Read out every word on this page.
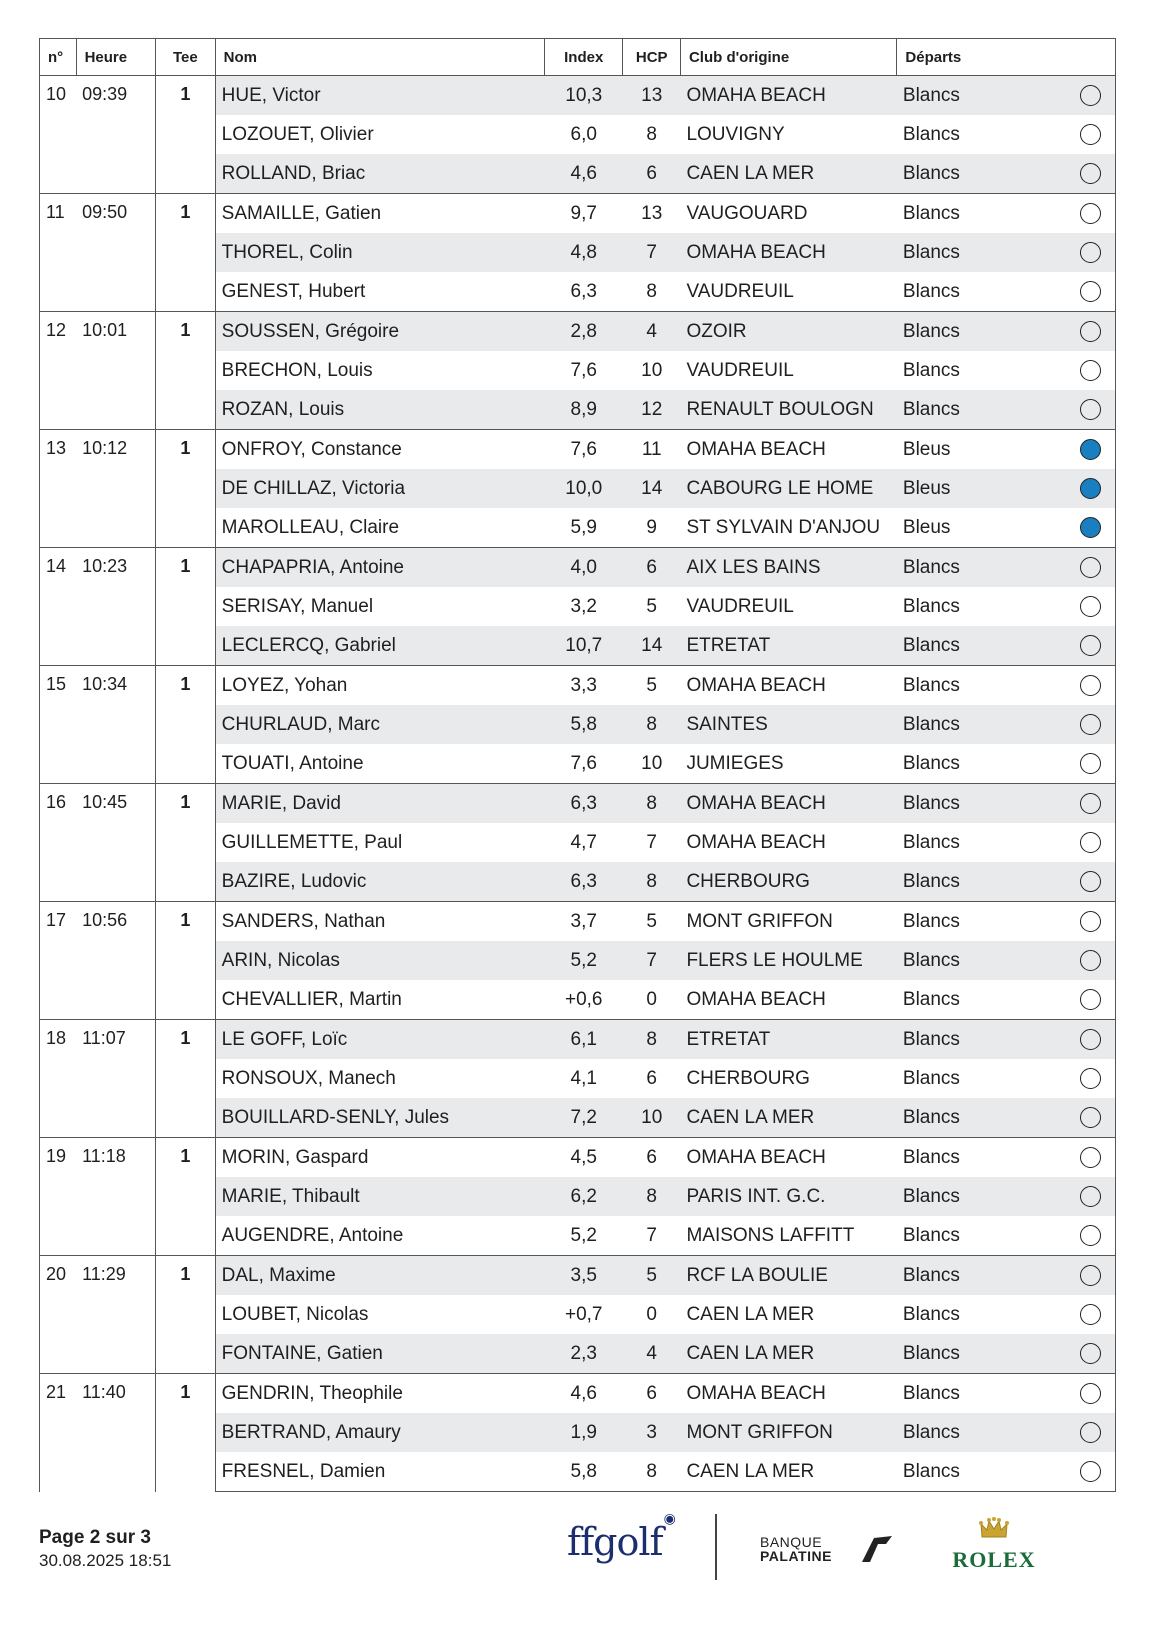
n°	Heure	Tee	Nom	Index	HCP	Club d'origine	Départs	
10	09:39	1	HUE, Victor	10,3	13	OMAHA BEACH	Blancs	
			LOZOUET, Olivier	6,0	8	LOUVIGNY	Blancs	
			ROLLAND, Briac	4,6	6	CAEN LA MER	Blancs	
11	09:50	1	SAMAILLE, Gatien	9,7	13	VAUGOUARD	Blancs	
			THOREL, Colin	4,8	7	OMAHA BEACH	Blancs	
			GENEST, Hubert	6,3	8	VAUDREUIL	Blancs	
12	10:01	1	SOUSSEN, Grégoire	2,8	4	OZOIR	Blancs	
			BRECHON, Louis	7,6	10	VAUDREUIL	Blancs	
			ROZAN, Louis	8,9	12	RENAULT BOULOGN	Blancs	
13	10:12	1	ONFROY, Constance	7,6	11	OMAHA BEACH	Bleus	
			DE CHILLAZ, Victoria	10,0	14	CABOURG LE HOME	Bleus	
			MAROLLEAU, Claire	5,9	9	ST SYLVAIN D'ANJOU	Bleus	
14	10:23	1	CHAPAPRIA, Antoine	4,0	6	AIX LES BAINS	Blancs	
			SERISAY, Manuel	3,2	5	VAUDREUIL	Blancs	
			LECLERCQ, Gabriel	10,7	14	ETRETAT	Blancs	
15	10:34	1	LOYEZ, Yohan	3,3	5	OMAHA BEACH	Blancs	
			CHURLAUD, Marc	5,8	8	SAINTES	Blancs	
			TOUATI, Antoine	7,6	10	JUMIEGES	Blancs	
16	10:45	1	MARIE, David	6,3	8	OMAHA BEACH	Blancs	
			GUILLEMETTE, Paul	4,7	7	OMAHA BEACH	Blancs	
			BAZIRE, Ludovic	6,3	8	CHERBOURG	Blancs	
17	10:56	1	SANDERS, Nathan	3,7	5	MONT GRIFFON	Blancs	
			ARIN, Nicolas	5,2	7	FLERS LE HOULME	Blancs	
			CHEVALLIER, Martin	+0,6	0	OMAHA BEACH	Blancs	
18	11:07	1	LE GOFF, Loïc	6,1	8	ETRETAT	Blancs	
			RONSOUX, Manech	4,1	6	CHERBOURG	Blancs	
			BOUILLARD-SENLY, Jules	7,2	10	CAEN LA MER	Blancs	
19	11:18	1	MORIN, Gaspard	4,5	6	OMAHA BEACH	Blancs	
			MARIE, Thibault	6,2	8	PARIS INT. G.C.	Blancs	
			AUGENDRE, Antoine	5,2	7	MAISONS LAFFITT	Blancs	
20	11:29	1	DAL, Maxime	3,5	5	RCF LA BOULIE	Blancs	
			LOUBET, Nicolas	+0,7	0	CAEN LA MER	Blancs	
			FONTAINE, Gatien	2,3	4	CAEN LA MER	Blancs	
21	11:40	1	GENDRIN, Theophile	4,6	6	OMAHA BEACH	Blancs	
			BERTRAND, Amaury	1,9	3	MONT GRIFFON	Blancs	
			FRESNEL, Damien	5,8	8	CAEN LA MER	Blancs	
Page 2 sur 3
30.08.2025 18:51	ffgolf◉
BANQUE
PALATINE	ROLEX
